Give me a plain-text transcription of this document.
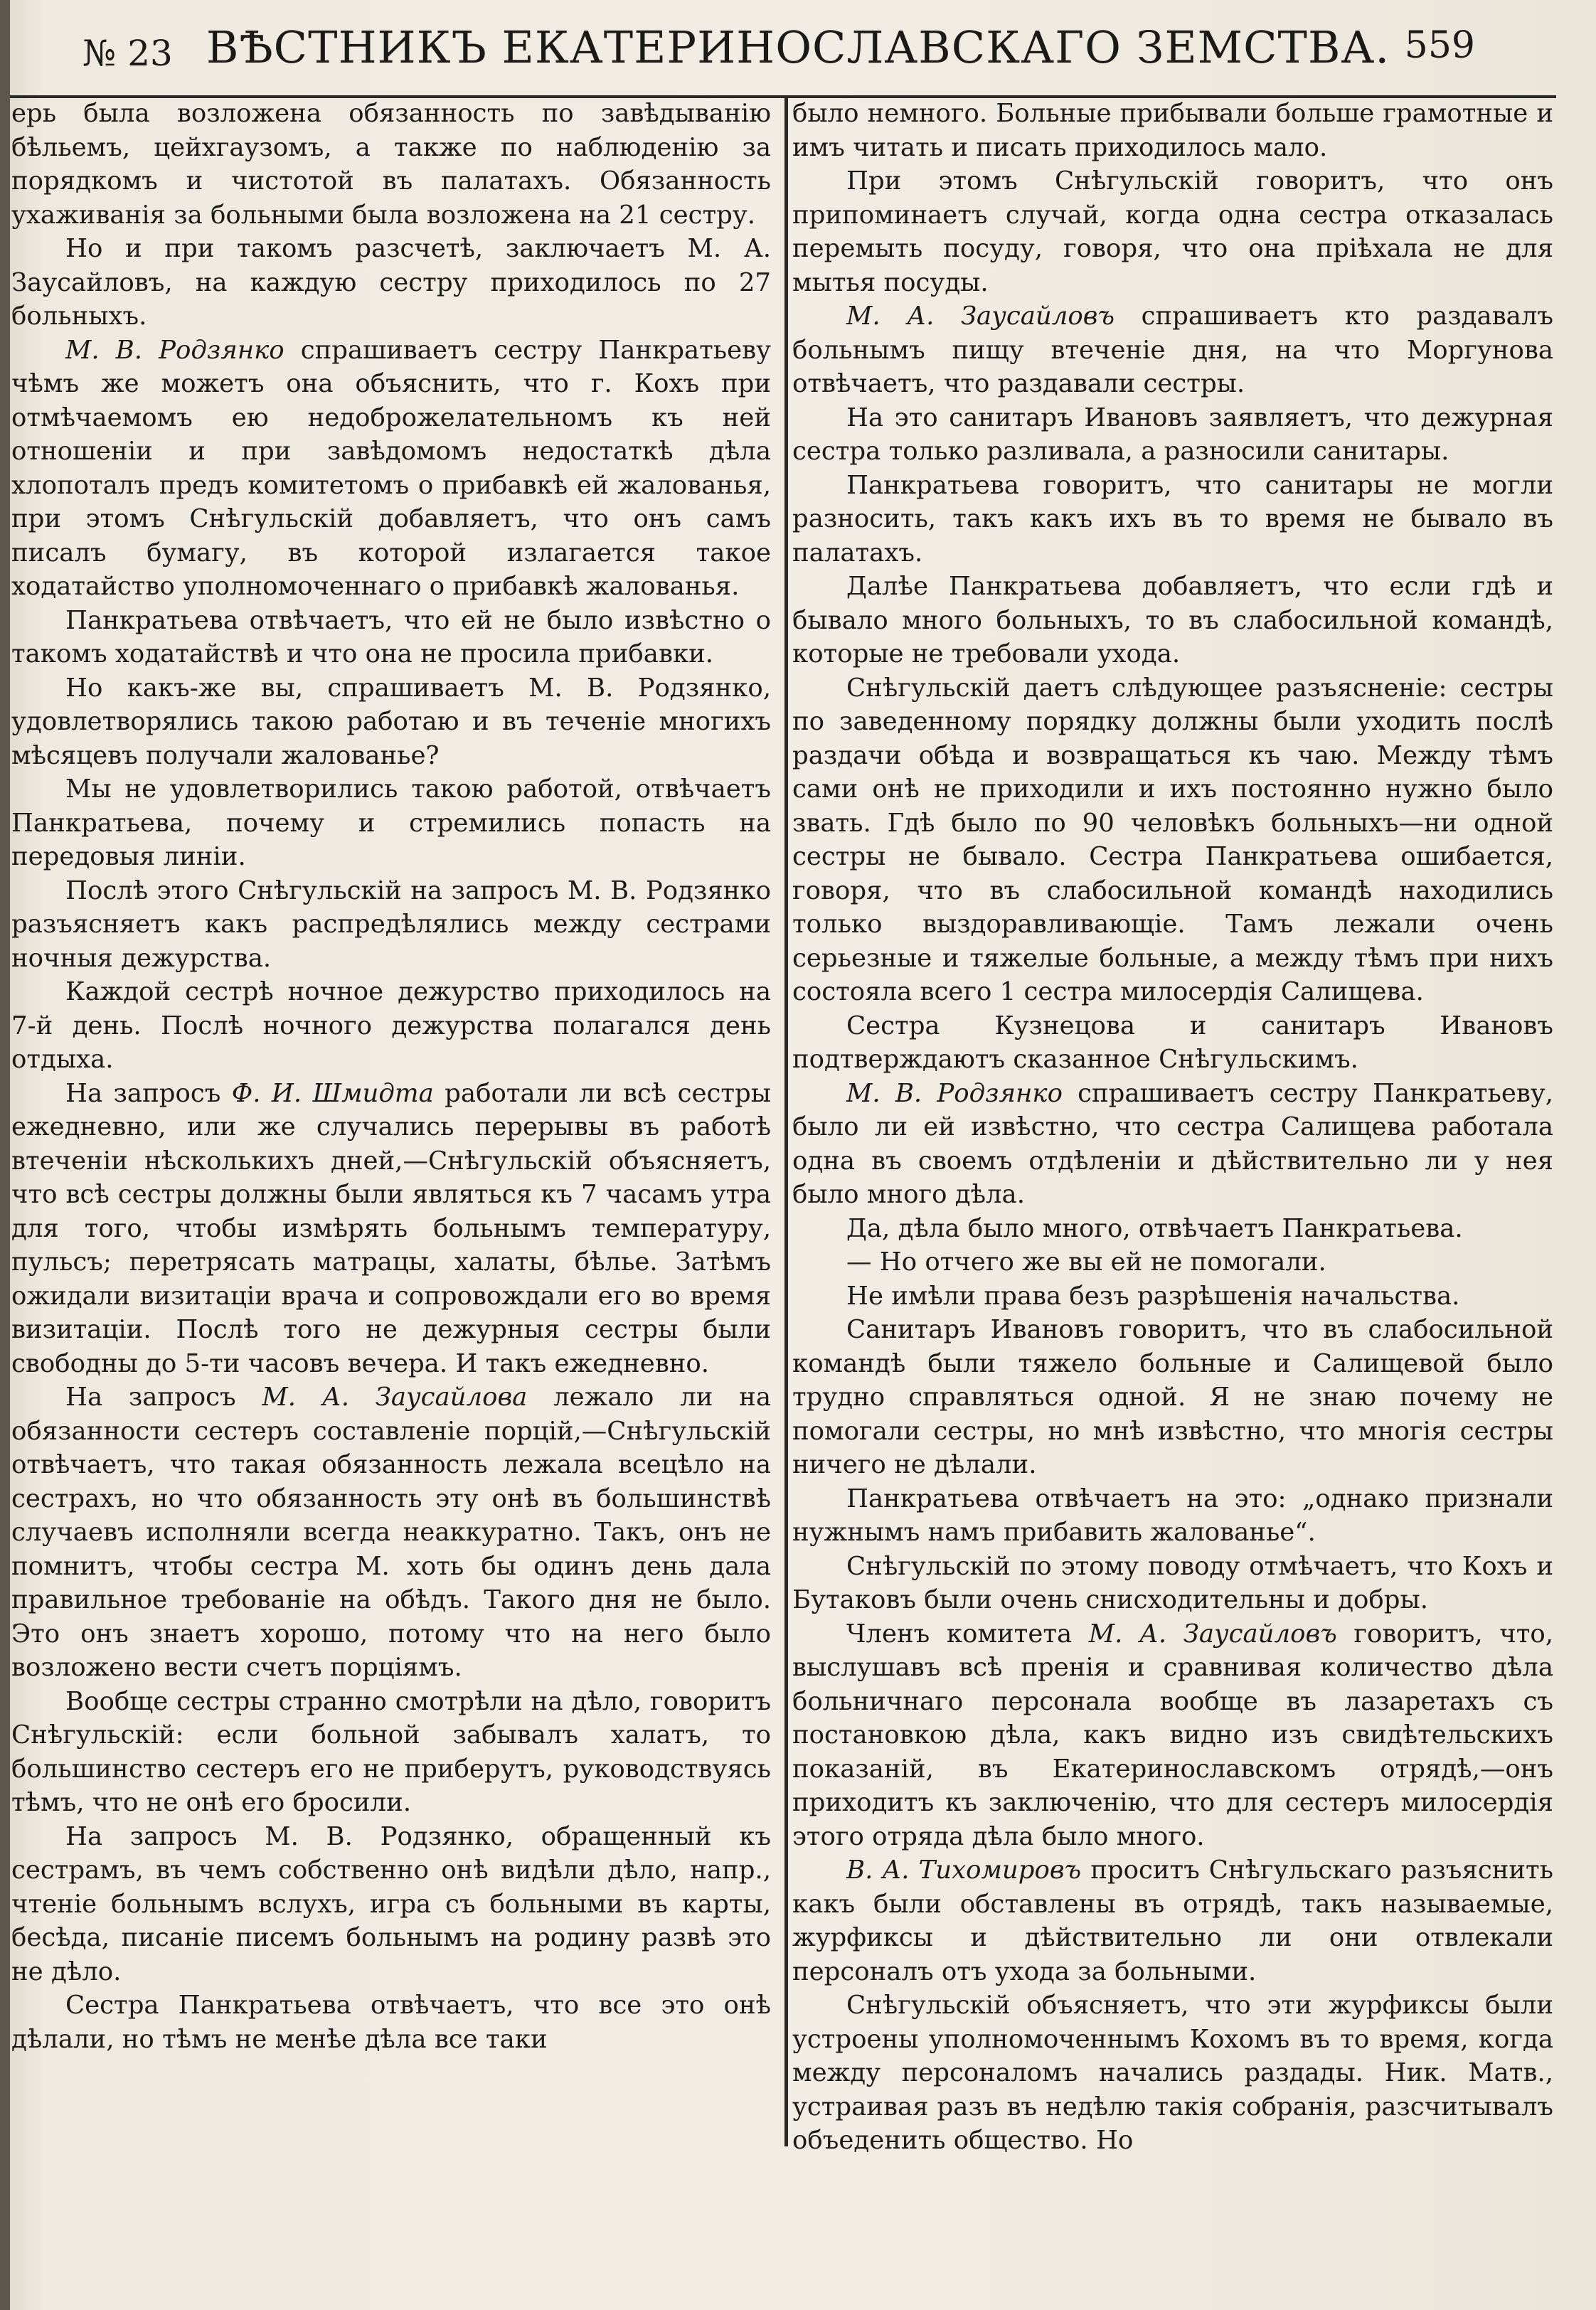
№ 23 ВѢСТНИКЪ ЕКАТЕРИНОСЛАВСКАГО ЗЕМСТВА. 559

ерь была возложена обязанность по завѣдыванію бѣльемъ, цейхгаузомъ, а также по наблюденію за порядкомъ и чистотой въ палатахъ. Обязанность ухаживанія за больными была возложена на 21 сестру.

Но и при такомъ разсчетѣ, заключаетъ М. А. Заусайловъ, на каждую сестру приходилось по 27 больныхъ.

М. В. Родзянко спрашиваетъ сестру Панкратьеву чѣмъ же можетъ она объяснить, что г. Кохъ при отмѣчаемомъ ею недоброжелательномъ къ ней отношеніи и при завѣдомомъ недостаткѣ дѣла хлопоталъ предъ комитетомъ о прибавкѣ ей жалованья, при этомъ Снѣгульскій добавляетъ, что онъ самъ писалъ бумагу, въ которой излагается такое ходатайство уполномоченнаго о прибавкѣ жалованья.

Панкратьева отвѣчаетъ, что ей не было извѣстно о такомъ ходатайствѣ и что она не просила прибавки.

Но какъ-же вы, спрашиваетъ М. В. Родзянко, удовлетворялись такою работаю и въ теченіе многихъ мѣсяцевъ получали жалованье?

Мы не удовлетворились такою работой, отвѣчаетъ Панкратьева, почему и стремились попасть на передовыя линіи.

Послѣ этого Снѣгульскій на запросъ М. В. Родзянко разъясняетъ какъ распредѣлялись между сестрами ночныя дежурства.

Каждой сестрѣ ночное дежурство приходилось на 7-й день. Послѣ ночного дежурства полагался день отдыха.

На запросъ Ф. И. Шмидта работали ли всѣ сестры ежедневно, или же случались перерывы въ работѣ втеченіи нѣсколькихъ дней,—Снѣгульскій объясняетъ, что всѣ сестры должны были являться къ 7 часамъ утра для того, чтобы измѣрять больнымъ температуру, пульсъ; перетрясать матрацы, халаты, бѣлье. Затѣмъ ожидали визитаціи врача и сопровождали его во время визитаціи. Послѣ того не дежурныя сестры были свободны до 5-ти часовъ вечера. И такъ ежедневно.

На запросъ М. А. Заусайлова лежало ли на обязанности сестеръ составленіе порцій,—Снѣгульскій отвѣчаетъ, что такая обязанность лежала всецѣло на сестрахъ, но что обязанность эту онѣ въ большинствѣ случаевъ исполняли всегда неаккуратно. Такъ, онъ не помнитъ, чтобы сестра М. хоть бы одинъ день дала правильное требованіе на обѣдъ. Такого дня не было. Это онъ знаетъ хорошо, потому что на него было возложено вести счетъ порціямъ.

Вообще сестры странно смотрѣли на дѣло, говоритъ Снѣгульскій: если больной забывалъ халатъ, то большинство сестеръ его не приберутъ, руководствуясь тѣмъ, что не онѣ его бросили.

На запросъ М. В. Родзянко, обращенный къ сестрамъ, въ чемъ собственно онѣ видѣли дѣло, напр., чтеніе больнымъ вслухъ, игра съ больными въ карты, бесѣда, писаніе писемъ больнымъ на родину развѣ это не дѣло.

Сестра Панкратьева отвѣчаетъ, что все это онѣ дѣлали, но тѣмъ не менѣе дѣла все таки

было немного. Больные прибывали больше грамотные и имъ читать и писать приходилось мало.

При этомъ Снѣгульскій говоритъ, что онъ припоминаетъ случай, когда одна сестра отказалась перемыть посуду, говоря, что она пріѣхала не для мытья посуды.

М. А. Заусайловъ спрашиваетъ кто раздавалъ больнымъ пищу втеченіе дня, на что Моргунова отвѣчаетъ, что раздавали сестры.

На это санитаръ Ивановъ заявляетъ, что дежурная сестра только разливала, а разносили санитары.

Панкратьева говоритъ, что санитары не могли разносить, такъ какъ ихъ въ то время не бывало въ палатахъ.

Далѣе Панкратьева добавляетъ, что если гдѣ и бывало много больныхъ, то въ слабосильной командѣ, которые не требовали ухода.

Снѣгульскій даетъ слѣдующее разъясненіе: сестры по заведенному порядку должны были уходить послѣ раздачи обѣда и возвращаться къ чаю. Между тѣмъ сами онѣ не приходили и ихъ постоянно нужно было звать. Гдѣ было по 90 человѣкъ больныхъ—ни одной сестры не бывало. Сестра Панкратьева ошибается, говоря, что въ слабосильной командѣ находились только выздоравливающіе. Тамъ лежали очень серьезные и тяжелые больные, а между тѣмъ при нихъ состояла всего 1 сестра милосердія Салищева.

Сестра Кузнецова и санитаръ Ивановъ подтверждаютъ сказанное Снѣгульскимъ.

М. В. Родзянко спрашиваетъ сестру Панкратьеву, было ли ей извѣстно, что сестра Салищева работала одна въ своемъ отдѣленіи и дѣйствительно ли у нея было много дѣла.

Да, дѣла было много, отвѣчаетъ Панкратьева.

— Но отчего же вы ей не помогали.

Не имѣли права безъ разрѣшенія начальства.

Санитаръ Ивановъ говоритъ, что въ слабосильной командѣ были тяжело больные и Салищевой было трудно справляться одной. Я не знаю почему не помогали сестры, но мнѣ извѣстно, что многія сестры ничего не дѣлали.

Панкратьева отвѣчаетъ на это: „однако признали нужнымъ намъ прибавить жалованье“.

Снѣгульскій по этому поводу отмѣчаетъ, что Кохъ и Бутаковъ были очень снисходительны и добры.

Членъ комитета М. А. Заусайловъ говоритъ, что, выслушавъ всѣ пренія и сравнивая количество дѣла больничнаго персонала вообще въ лазаретахъ съ постановкою дѣла, какъ видно изъ свидѣтельскихъ показаній, въ Екатеринославскомъ отрядѣ,—онъ приходитъ къ заключенію, что для сестеръ милосердія этого отряда дѣла было много.

В. А. Тихомировъ проситъ Снѣгульскаго разъяснить какъ были обставлены въ отрядѣ, такъ называемые, журфиксы и дѣйствительно ли они отвлекали персоналъ отъ ухода за больными.

Снѣгульскій объясняетъ, что эти журфиксы были устроены уполномоченнымъ Кохомъ въ то время, когда между персоналомъ начались раздады. Ник. Матв., устраивая разъ въ недѣлю такія собранія, разсчитывалъ объеденить общество. Но
